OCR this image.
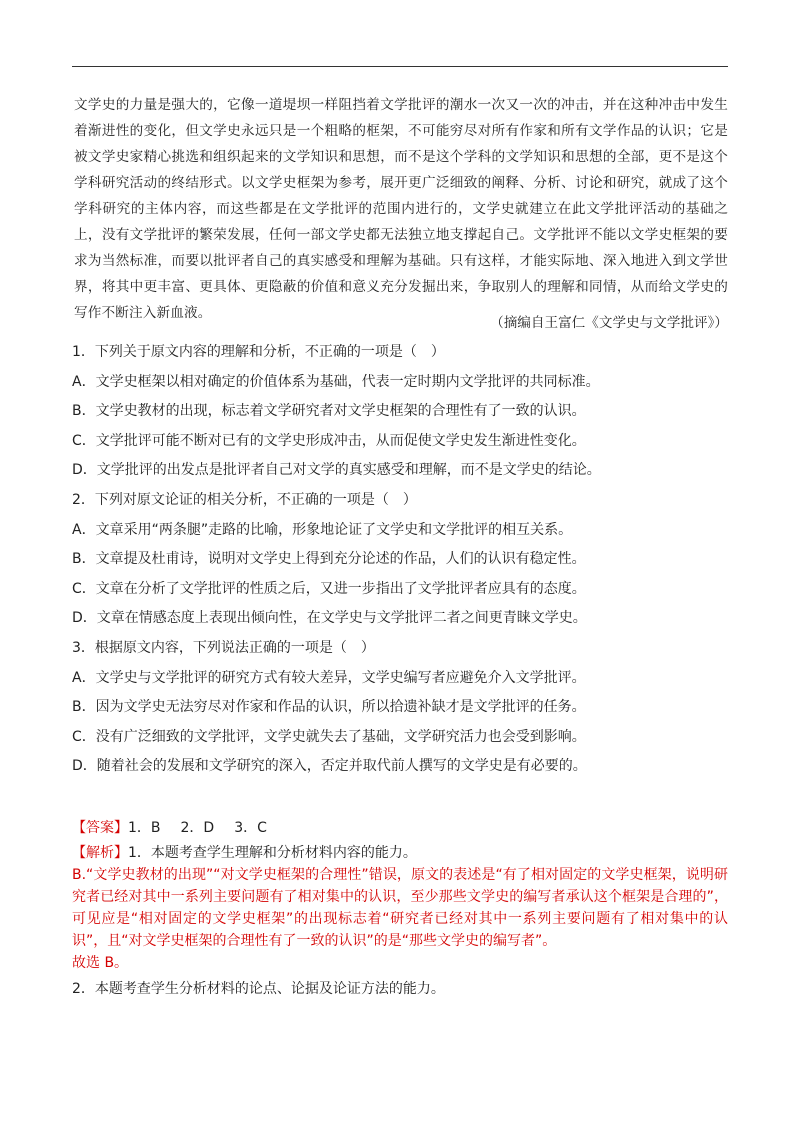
文学史的力量是强大的，它像一道堤坝一样阻挡着文学批评的潮水一次又一次的冲击，并在这种冲击中发生着渐进性的变化，但文学史永远只是一个粗略的框架，不可能穷尽对所有作家和所有文学作品的认识；它是被文学史家精心挑选和组织起来的文学知识和思想，而不是这个学科的文学知识和思想的全部，更不是这个学科研究活动的终结形式。以文学史框架为参考，展开更广泛细致的阐释、分析、讨论和研究，就成了这个学科研究的主体内容，而这些都是在文学批评的范围内进行的，文学史就建立在此文学批评活动的基础之上，没有文学批评的繁荣发展，任何一部文学史都无法独立地支撑起自己。文学批评不能以文学史框架的要求为当然标准，而要以批评者自己的真实感受和理解为基础。只有这样，才能实际地、深入地进入到文学世界，将其中更丰富、更具体、更隐蔽的价值和意义充分发掘出来，争取别人的理解和同情，从而给文学史的写作不断注入新血液。

（摘编自王富仁《文学史与文学批评》）
1．下列关于原文内容的理解和分析，不正确的一项是（　）
A．文学史框架以相对确定的价值体系为基础，代表一定时期内文学批评的共同标准。
B．文学史教材的出现，标志着文学研究者对文学史框架的合理性有了一致的认识。
C．文学批评可能不断对已有的文学史形成冲击，从而促使文学史发生渐进性变化。
D．文学批评的出发点是批评者自己对文学的真实感受和理解，而不是文学史的结论。
2．下列对原文论证的相关分析，不正确的一项是（　）
A．文章采用“两条腿”走路的比喻，形象地论证了文学史和文学批评的相互关系。
B．文章提及杜甫诗，说明对文学史上得到充分论述的作品，人们的认识有稳定性。
C．文章在分析了文学批评的性质之后，又进一步指出了文学批评者应具有的态度。
D．文章在情感态度上表现出倾向性，在文学史与文学批评二者之间更青睐文学史。
3．根据原文内容，下列说法正确的一项是（　）
A．文学史与文学批评的研究方式有较大差异，文学史编写者应避免介入文学批评。
B．因为文学史无法穷尽对作家和作品的认识，所以拾遗补缺才是文学批评的任务。
C．没有广泛细致的文学批评，文学史就失去了基础，文学研究活力也会受到影响。
D．随着社会的发展和文学研究的深入，否定并取代前人撰写的文学史是有必要的。
【答案】1．B 2．D 3．C
【解析】1．本题考查学生理解和分析材料内容的能力。
B.“文学史教材的出现”“对文学史框架的合理性”错误，原文的表述是“有了相对固定的文学史框架，说明研究者已经对其中一系列主要问题有了相对集中的认识，至少那些文学史的编写者承认这个框架是合理的”，可见应是“相对固定的文学史框架”的出现标志着“研究者已经对其中一系列主要问题有了相对集中的认识”，且“对文学史框架的合理性有了一致的认识”的是“那些文学史的编写者”。
故选 B。
2．本题考查学生分析材料的论点、论据及论证方法的能力。
